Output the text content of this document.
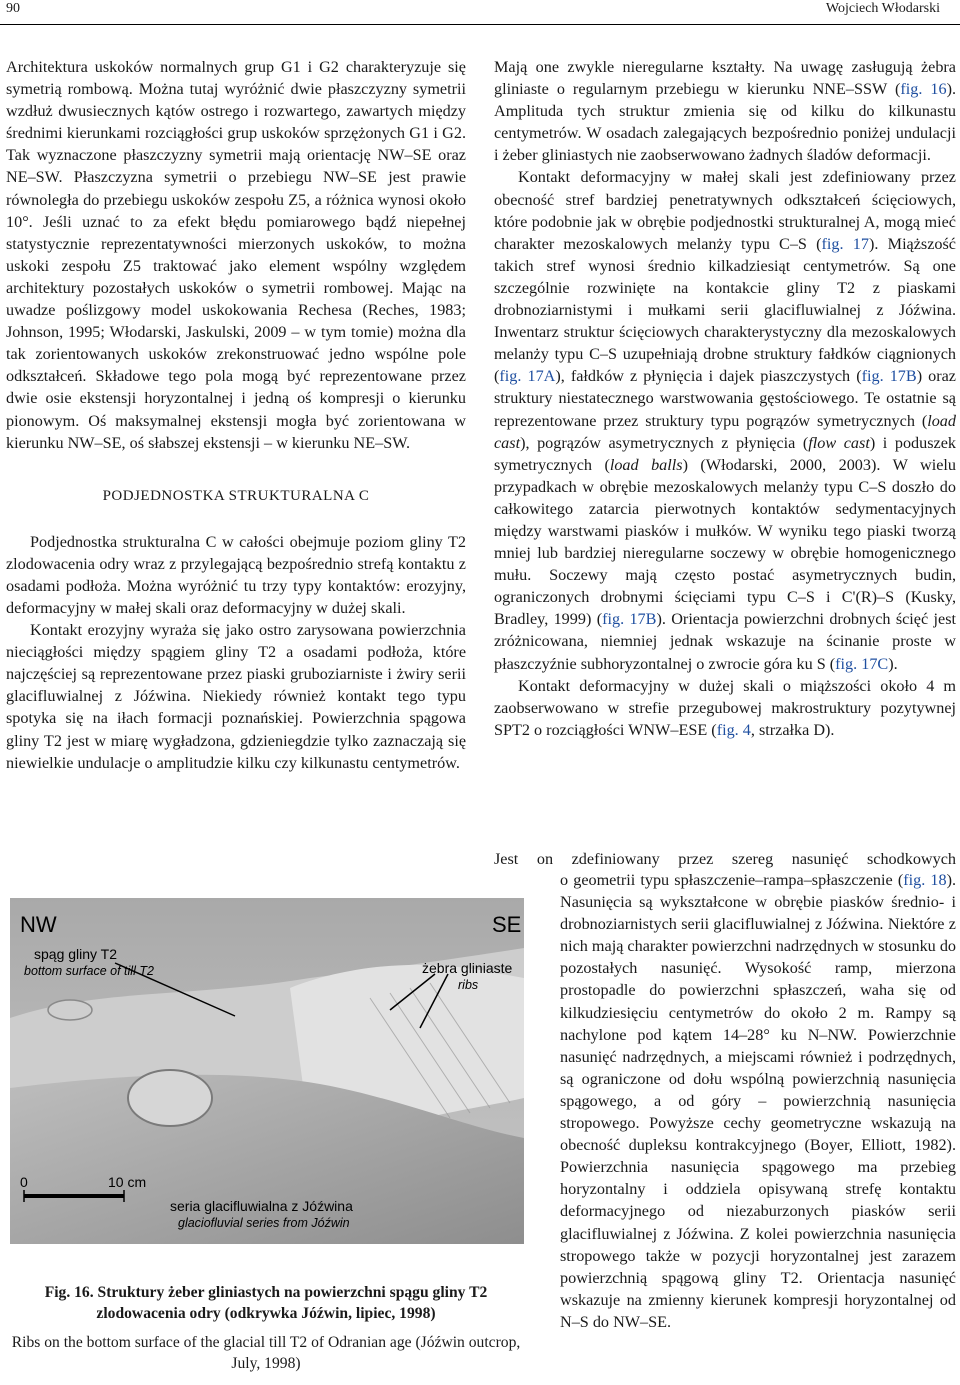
90	Wojciech Włodarski

Architektura uskoków normalnych grup G1 i G2 charakteryzuje się symetrią rombową. Można tutaj wyróżnić dwie płaszczyzny symetrii wzdłuż dwusiecznych kątów ostrego i rozwartego, zawartych między średnimi kierunkami rozciągłości grup uskoków sprzężonych G1 i G2. Tak wyznaczone płaszczyzny symetrii mają orientację NW–SE oraz NE–SW. Płaszczyzna symetrii o przebiegu NW–SE jest prawie równoległa do przebiegu uskoków zespołu Z5, a różnica wynosi około 10°. Jeśli uznać to za efekt błędu pomiarowego bądź niepełnej statystycznie reprezentatywności mierzonych uskoków, to można uskoki zespołu Z5 traktować jako element wspólny względem architektury pozostałych uskoków o symetrii rombowej. Mając na uwadze poślizgowy model uskokowania Rechesa (Reches, 1983; Johnson, 1995; Włodarski, Jaskulski, 2009 – w tym tomie) można dla tak zorientowanych uskoków zrekonstruować jedno wspólne pole odkształceń. Składowe tego pola mogą być reprezentowane przez dwie osie ekstensji horyzontalnej i jedną oś kompresji o kierunku pionowym. Oś maksymalnej ekstensji mogła być zorientowana w kierunku NW–SE, oś słabszej ekstensji – w kierunku NE–SW.

PODJEDNOSTKA STRUKTURALNA C

Podjednostka strukturalna C w całości obejmuje poziom gliny T2 zlodowacenia odry wraz z przylegającą bezpośrednio strefą kontaktu z osadami podłoża. Można wyróżnić tu trzy typy kontaktów: erozyjny, deformacyjny w małej skali oraz deformacyjny w dużej skali.

Kontakt erozyjny wyraża się jako ostro zarysowana powierzchnia nieciągłości między spągiem gliny T2 a osadami podłoża, które najczęściej są reprezentowane przez piaski gruboziarniste i żwiry serii glacifluwialnej z Jóźwina. Niekiedy również kontakt tego typu spotyka się na iłach formacji poznańskiej. Powierzchnia spągowa gliny T2 jest w miarę wygładzona, gdzieniegdzie tylko zaznaczają się niewielkie undulacje o amplitudzie kilku czy kilkunastu centymetrów.

Mają one zwykle nieregularne kształty. Na uwagę zasługują żebra gliniaste o regularnym przebiegu w kierunku NNE–SSW (fig. 16). Amplituda tych struktur zmienia się od kilku do kilkunastu centymetrów. W osadach zalegających bezpośrednio poniżej undulacji i żeber gliniastych nie zaobserwowano żadnych śladów deformacji.

Kontakt deformacyjny w małej skali jest zdefiniowany przez obecność stref bardziej penetratywnych odkształceń ścięciowych, które podobnie jak w obrębie podjednostki strukturalnej A, mogą mieć charakter mezoskalowych melanży typu C–S (fig. 17). Miąższość takich stref wynosi średnio kilkadziesiąt centymetrów. Są one szczególnie rozwinięte na kontakcie gliny T2 z piaskami drobnoziarnistymi i mułkami serii glacifluwialnej z Jóźwina. Inwentarz struktur ścięciowych charakterystyczny dla mezoskalowych melanży typu C–S uzupełniają drobne struktury fałdków ciągnionych (fig. 17A), fałdków z płynięcia i dajek piaszczystych (fig. 17B) oraz struktury niestatecznego warstwowania gęstościowego. Te ostatnie są reprezentowane przez struktury typu pogrązów symetrycznych (load cast), pogrązów asymetrycznych z płynięcia (flow cast) i poduszek symetrycznych (load balls) (Włodarski, 2000, 2003). W wielu przypadkach w obrębie mezoskalowych melanży typu C–S doszło do całkowitego zatarcia pierwotnych kontaktów sedymentacyjnych między warstwami piasków i mułków. W wyniku tego piaski tworzą mniej lub bardziej nieregularne soczewy w obrębie homogenicznego mułu. Soczewy mają często postać asymetrycznych budin, ograniczonych drobnymi ścięciami typu C–S i C'(R)–S (Kusky, Bradley, 1999) (fig. 17B). Orientacja powierzchni drobnych ścięć jest zróżnicowana, niemniej jednak wskazuje na ścinanie proste w płaszczyźnie subhoryzontalnej o zwrocie góra ku S (fig. 17C).

Kontakt deformacyjny w dużej skali o miąższości około 4 m zaobserwowano w strefie przegubowej makrostruktury pozytywnej SPT2 o rozciągłości WNW–ESE (fig. 4, strzałka D).

Jest on zdefiniowany przez szereg nasunięć schodkowych

o geometrii typu spłaszczenie–rampa–spłaszczenie (fig. 18). Nasunięcia są wykształcone w obrębie piasków średnio- i drobnoziarnistych serii glacifluwialnej z Jóźwina. Niektóre z nich mają charakter powierzchni nadrzędnych w stosunku do pozostałych nasunięć. Wysokość ramp, mierzona prostopadle do powierzchni spłaszczeń, waha się od kilkudziesięciu centymetrów do około 2 m. Rampy są nachylone pod kątem 14–28° ku N–NW. Powierzchnie nasunięć nadrzędnych, a miejscami również i podrzędnych, są ograniczone od dołu wspólną powierzchnią nasunięcia spągowego, a od góry – powierzchnią nasunięcia stropowego. Powyższe cechy geometryczne wskazują na obecność dupleksu kontrakcyjnego (Boyer, Elliott, 1982). Powierzchnia nasunięcia spągowego ma przebieg horyzontalny i oddziela opisywaną strefę kontaktu deformacyjnego od niezaburzonych piasków serii glacifluwialnej z Jóźwina. Z kolei powierzchnia nasunięcia stropowego także w pozycji horyzontalnej jest zarazem powierzchnią spągową gliny T2. Orientacja nasunięć wskazuje na zmienny kierunek kompresji horyzontalnej od N–S do NW–SE.

NW	SE
spąg gliny T2
bottom surface of till T2	żebra gliniaste
ribs
0	10 cm
seria glacifluwialna z Jóźwina
glaciofluvial series from Jóźwin
Fig. 16. Struktury żeber gliniastych na powierzchni spągu gliny T2 zlodowacenia odry (odkrywka Jóźwin, lipiec, 1998)
Ribs on the bottom surface of the glacial till T2 of Odranian age (Jóźwin outcrop, July, 1998)
